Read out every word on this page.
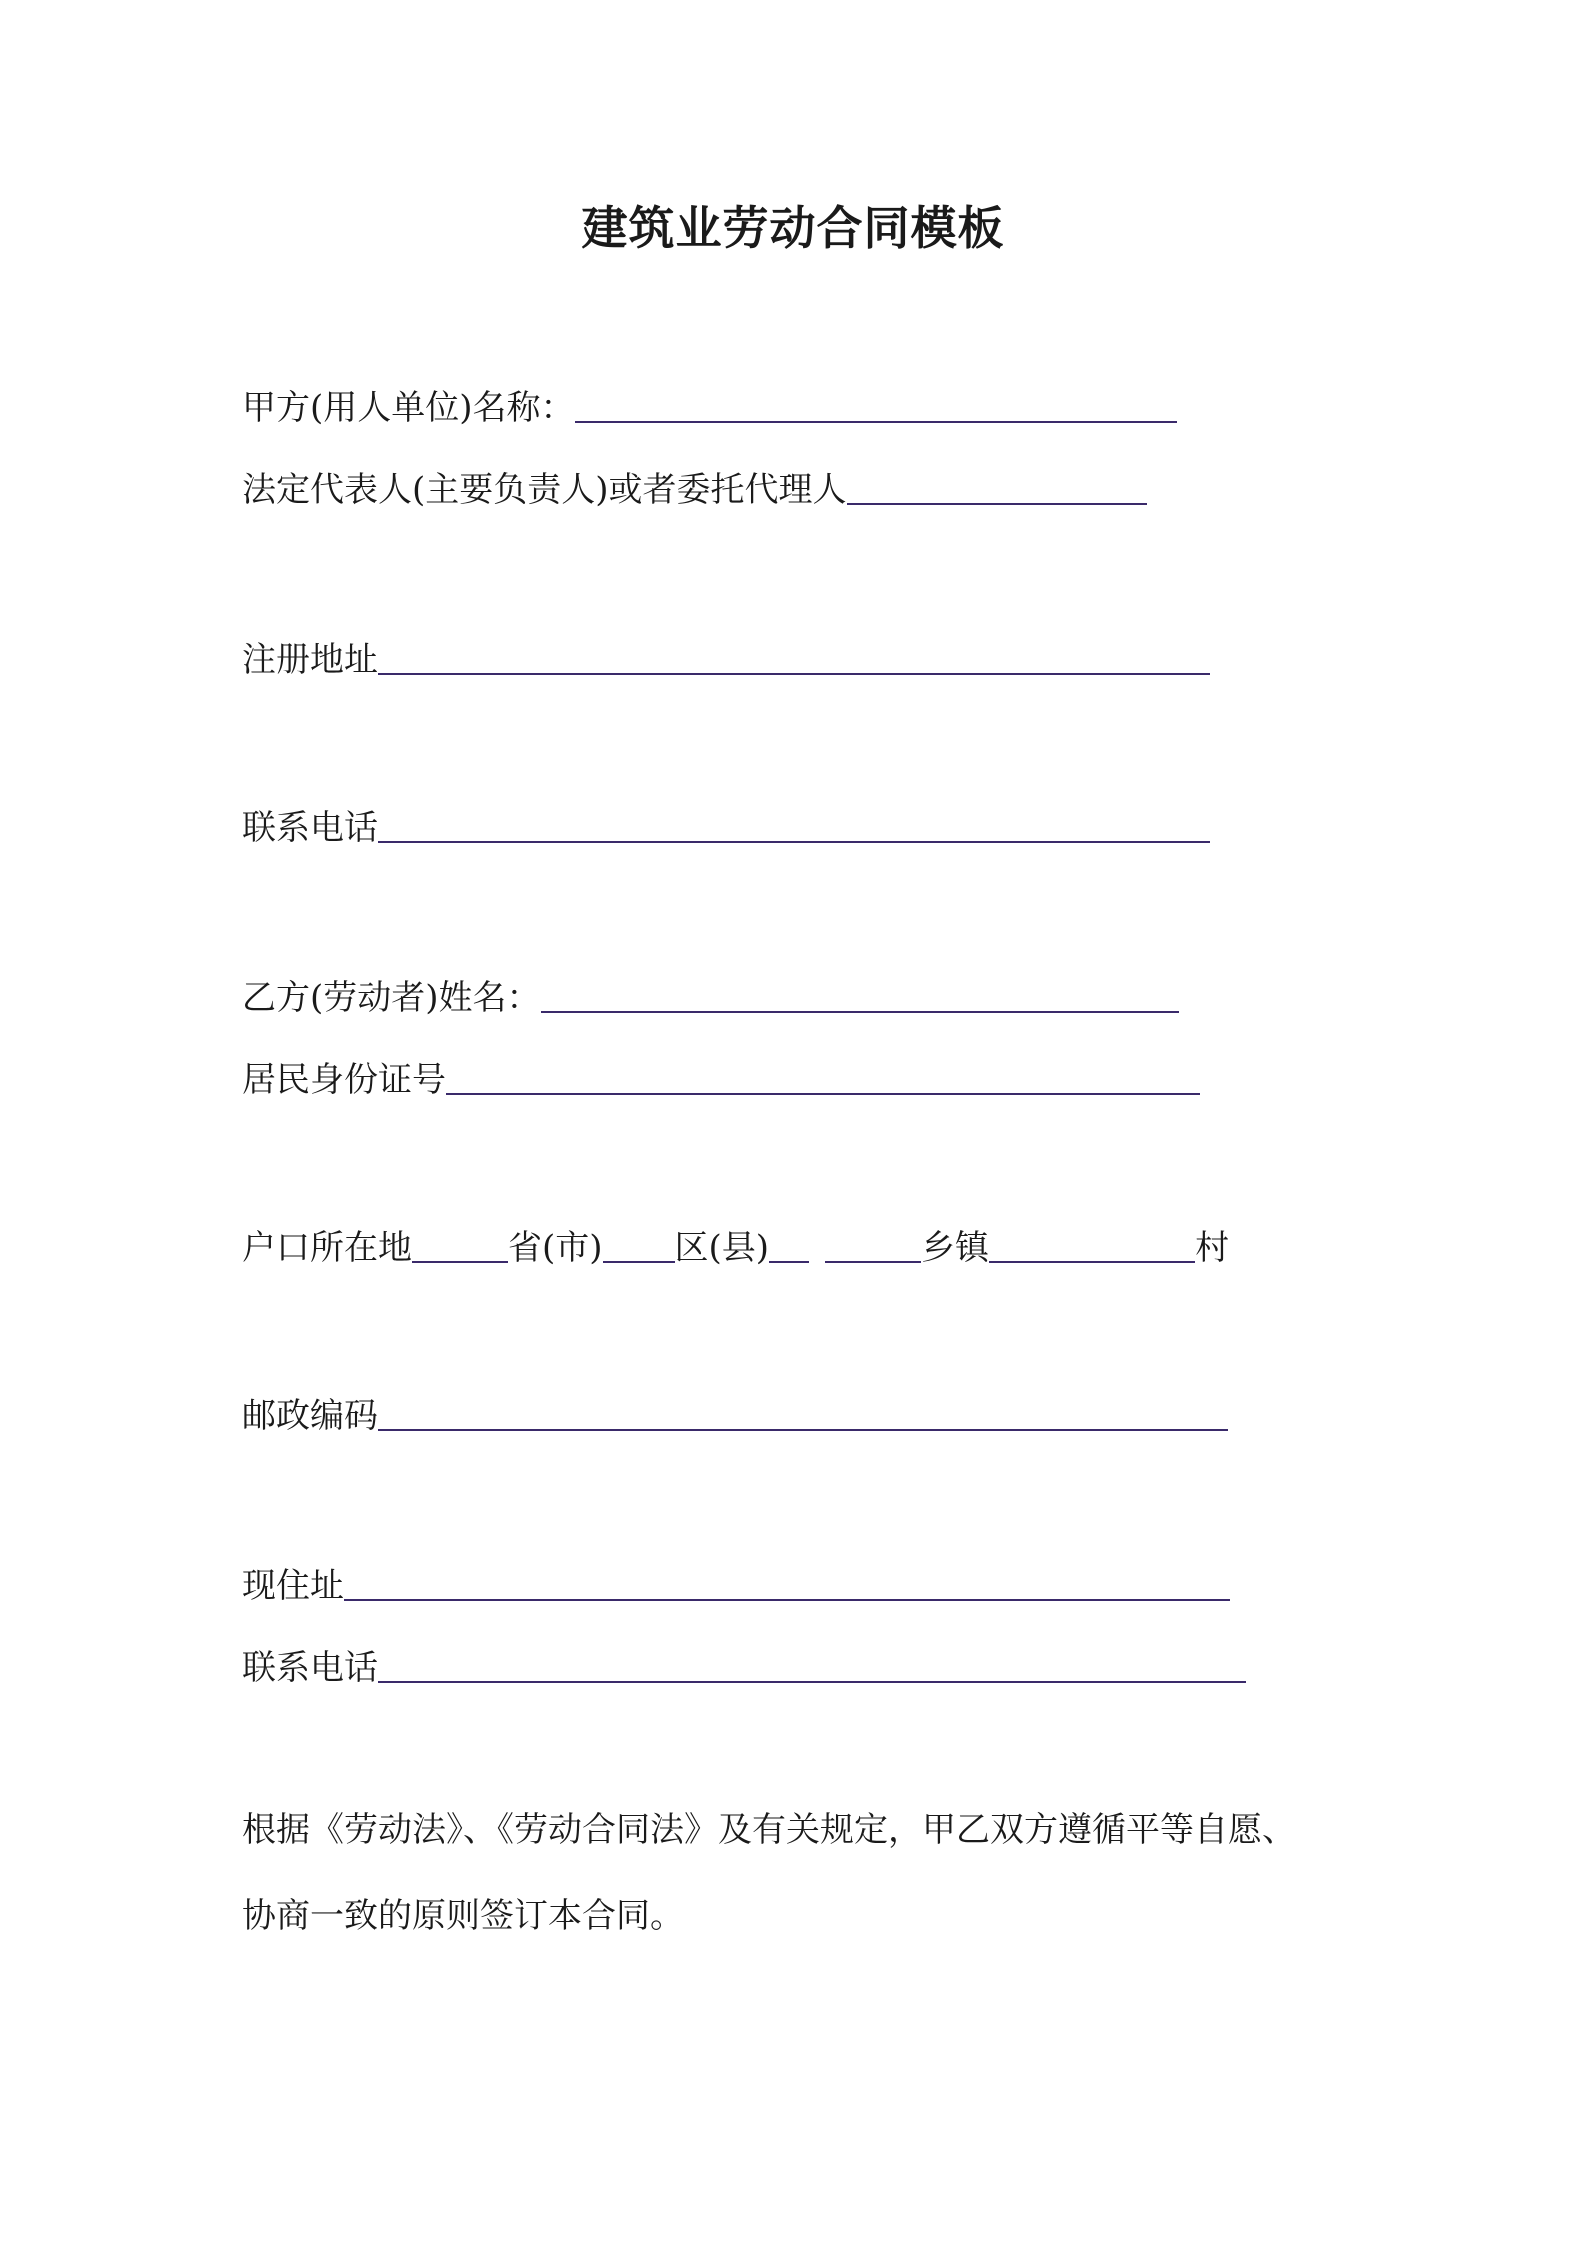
建筑业劳动合同模板
甲方(用人单位)名称：
法定代表人(主要负责人)或者委托代理人
注册地址
联系电话
乙方(劳动者)姓名：
居民身份证号
户口所在地	省(市) 区(县)	乡镇	村
邮政编码
现住址
联系电话
根据《劳动法》、《劳动合同法》及有关规定，甲乙双方遵循平等自愿、
协商一致的原则签订本合同。
